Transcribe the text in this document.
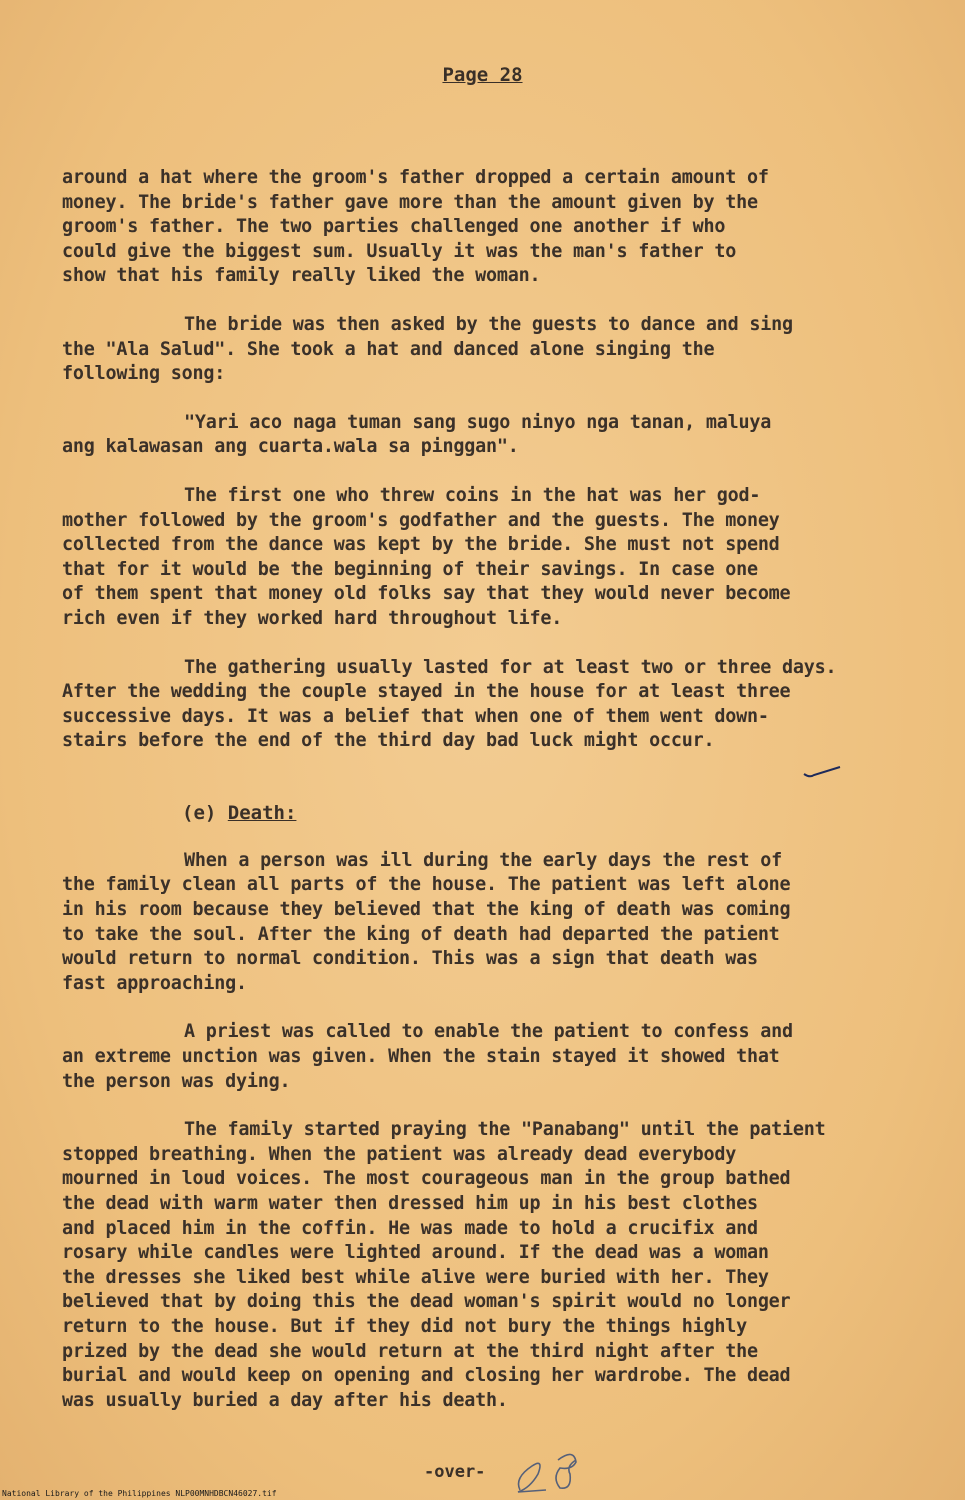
Page 28

around a hat where the groom's father dropped a certain amount of
money. The bride's father gave more than the amount given by the
groom's father. The two parties challenged one another if who
could give the biggest sum. Usually it was the man's father to
show that his family really liked the woman.

The bride was then asked by the guests to dance and sing
the "Ala Salud". She took a hat and danced alone singing the
following song:

"Yari aco naga tuman sang sugo ninyo nga tanan, maluya
ang kalawasan ang cuarta.wala sa pinggan".

The first one who threw coins in the hat was her god-
mother followed by the groom's godfather and the guests. The money
collected from the dance was kept by the bride. She must not spend
that for it would be the beginning of their savings. In case one
of them spent that money old folks say that they would never become
rich even if they worked hard throughout life.

The gathering usually lasted for at least two or three days.
After the wedding the couple stayed in the house for at least three
successive days. It was a belief that when one of them went down-
stairs before the end of the third day bad luck might occur.

(e) Death:

When a person was ill during the early days the rest of
the family clean all parts of the house. The patient was left alone
in his room because they believed that the king of death was coming
to take the soul. After the king of death had departed the patient
would return to normal condition. This was a sign that death was
fast approaching.

A priest was called to enable the patient to confess and
an extreme unction was given. When the stain stayed it showed that
the person was dying.

The family started praying the "Panabang" until the patient
stopped breathing. When the patient was already dead everybody
mourned in loud voices. The most courageous man in the group bathed
the dead with warm water then dressed him up in his best clothes
and placed him in the coffin. He was made to hold a crucifix and
rosary while candles were lighted around. If the dead was a woman
the dresses she liked best while alive were buried with her. They
believed that by doing this the dead woman's spirit would no longer
return to the house. But if they did not bury the things highly
prized by the dead she would return at the third night after the
burial and would keep on opening and closing her wardrobe. The dead
was usually buried a day after his death.

-over-
28
National Library of the Philippines NLP00MNHDBCN46027.tif
